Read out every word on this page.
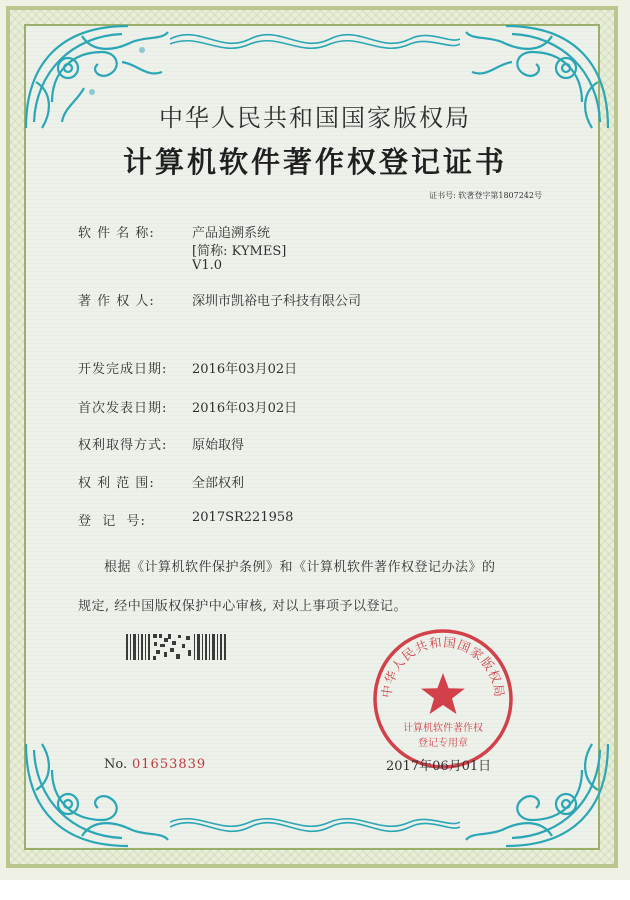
中华人民共和国国家版权局
计算机软件著作权登记证书
证书号: 软著登字第1807242号
软 件 名 称:	产品追溯系统
[简称: KYMES]
V1.0
著 作 权 人:	深圳市凯裕电子科技有限公司
开发完成日期: 2016年03月02日
首次发表日期: 2016年03月02日
权利取得方式: 原始取得
权 利 范 围:	全部权利
登  记  号:	2017SR221958
根据《计算机软件保护条例》和《计算机软件著作权登记办法》的
规定, 经中国版权保护中心审核, 对以上事项予以登记。
No. 01653839
中华人民共和国国家版权局
计算机软件著作权
登记专用章
2017年06月01日
